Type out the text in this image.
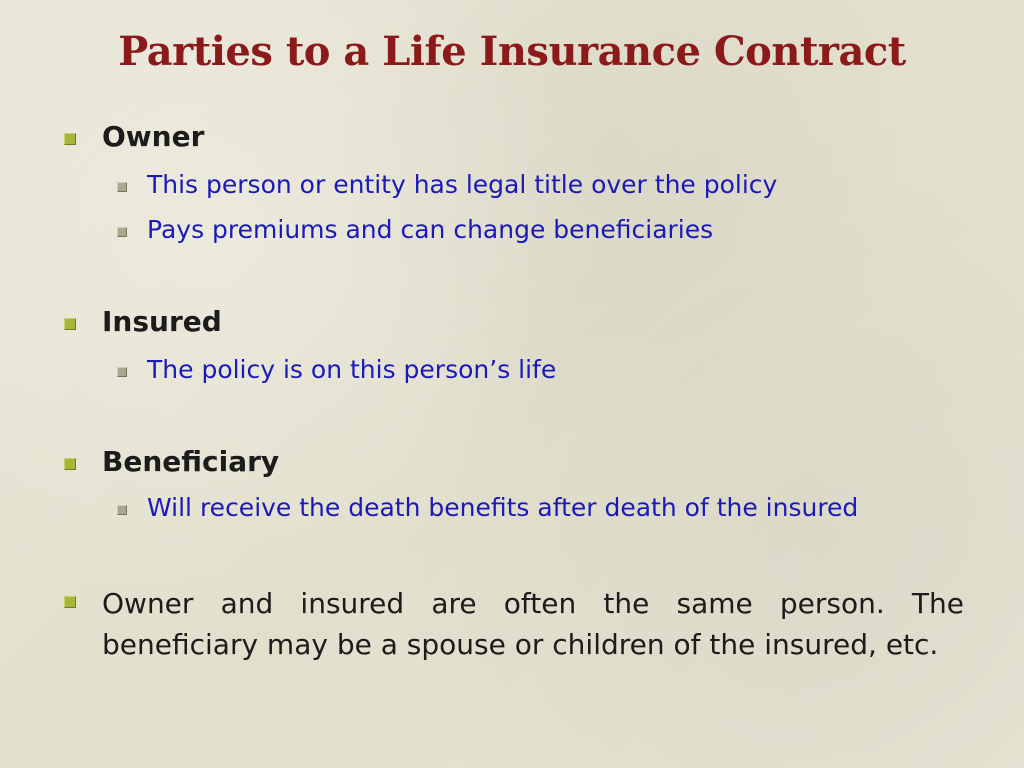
Parties to a Life Insurance Contract
Owner
This person or entity has legal title over the policy
Pays premiums and can change beneficiaries
Insured
The policy is on this person’s life
Beneficiary
Will receive the death benefits after death of the insured
Owner and insured are often the same person. The beneficiary may be a spouse or children of the insured, etc.
